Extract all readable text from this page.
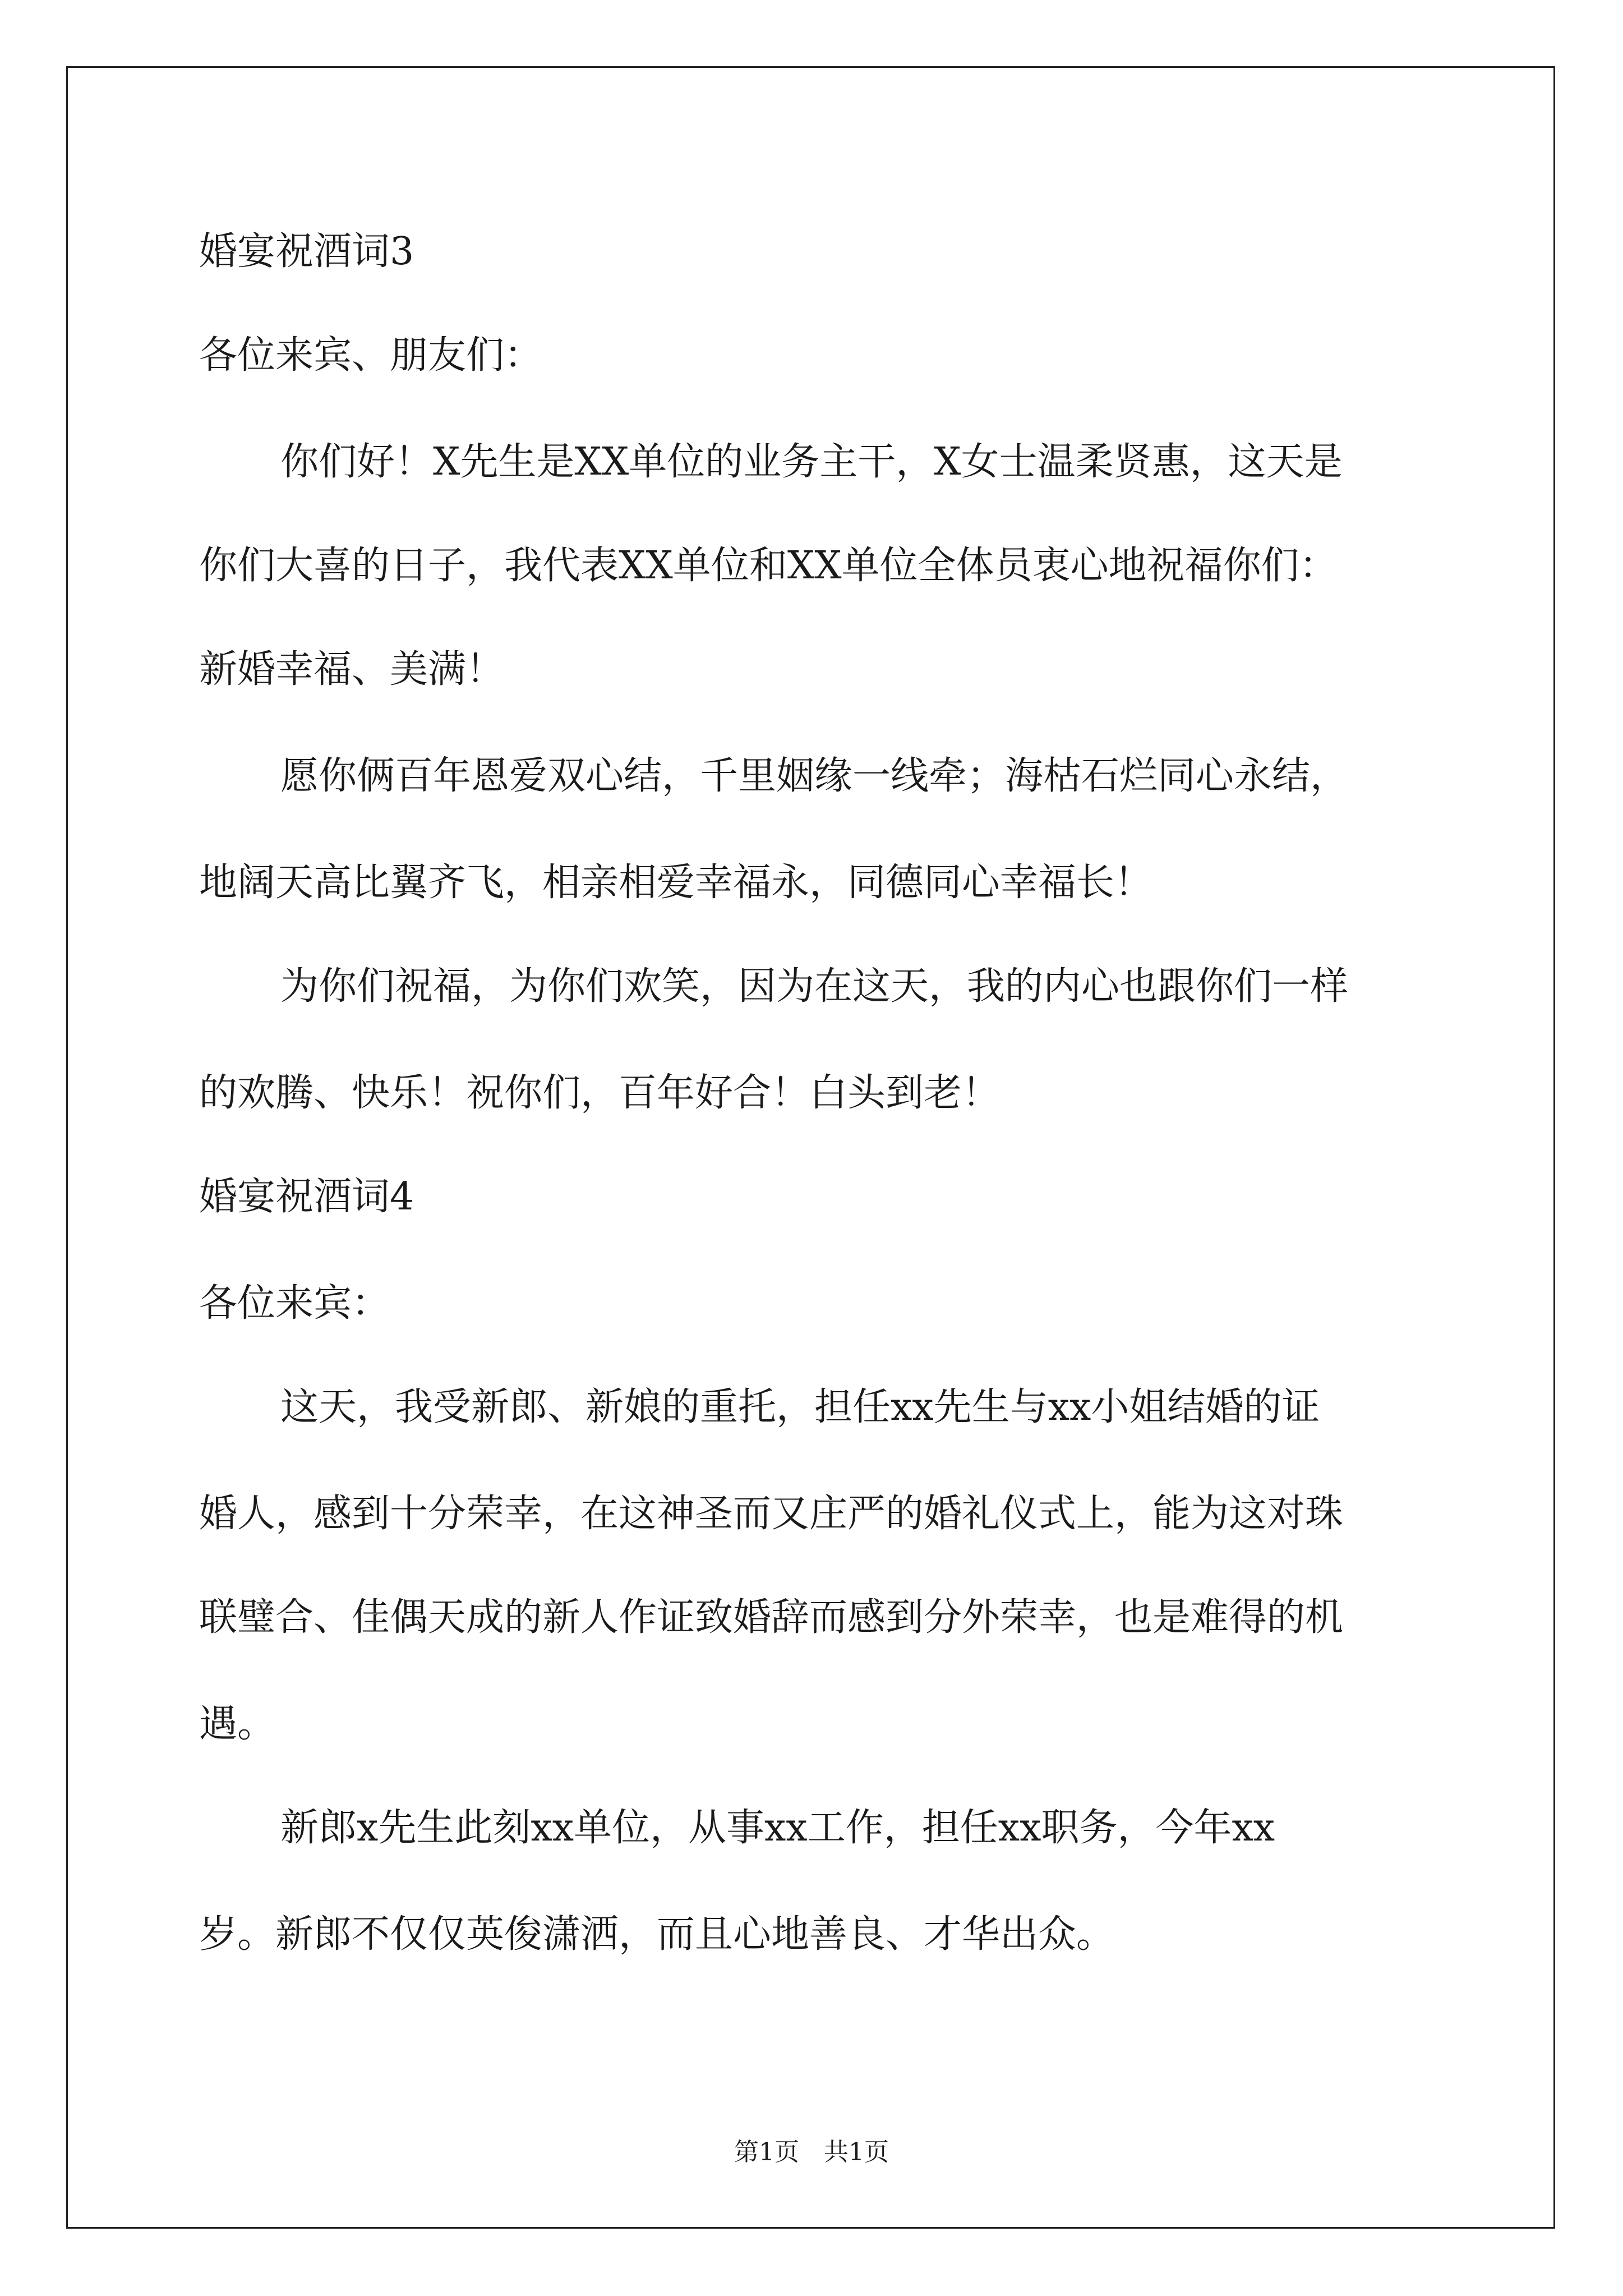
婚宴祝酒词3
各位来宾、朋友们：
你们好！X先生是XX单位的业务主干，X女士温柔贤惠，这天是
你们大喜的日子，我代表XX单位和XX单位全体员衷心地祝福你们：
新婚幸福、美满！
愿你俩百年恩爱双心结，千里姻缘一线牵；海枯石烂同心永结，
地阔天高比翼齐飞，相亲相爱幸福永，同德同心幸福长！
为你们祝福，为你们欢笑，因为在这天，我的内心也跟你们一样
的欢腾、快乐！祝你们，百年好合！白头到老！
婚宴祝酒词4
各位来宾：
这天，我受新郎、新娘的重托，担任xx先生与xx小姐结婚的证
婚人，感到十分荣幸，在这神圣而又庄严的婚礼仪式上，能为这对珠
联璧合、佳偶天成的新人作证致婚辞而感到分外荣幸，也是难得的机
遇。
新郎x先生此刻xx单位，从事xx工作，担任xx职务，今年xx
岁。新郎不仅仅英俊潇洒，而且心地善良、才华出众。
第1页　共1页
